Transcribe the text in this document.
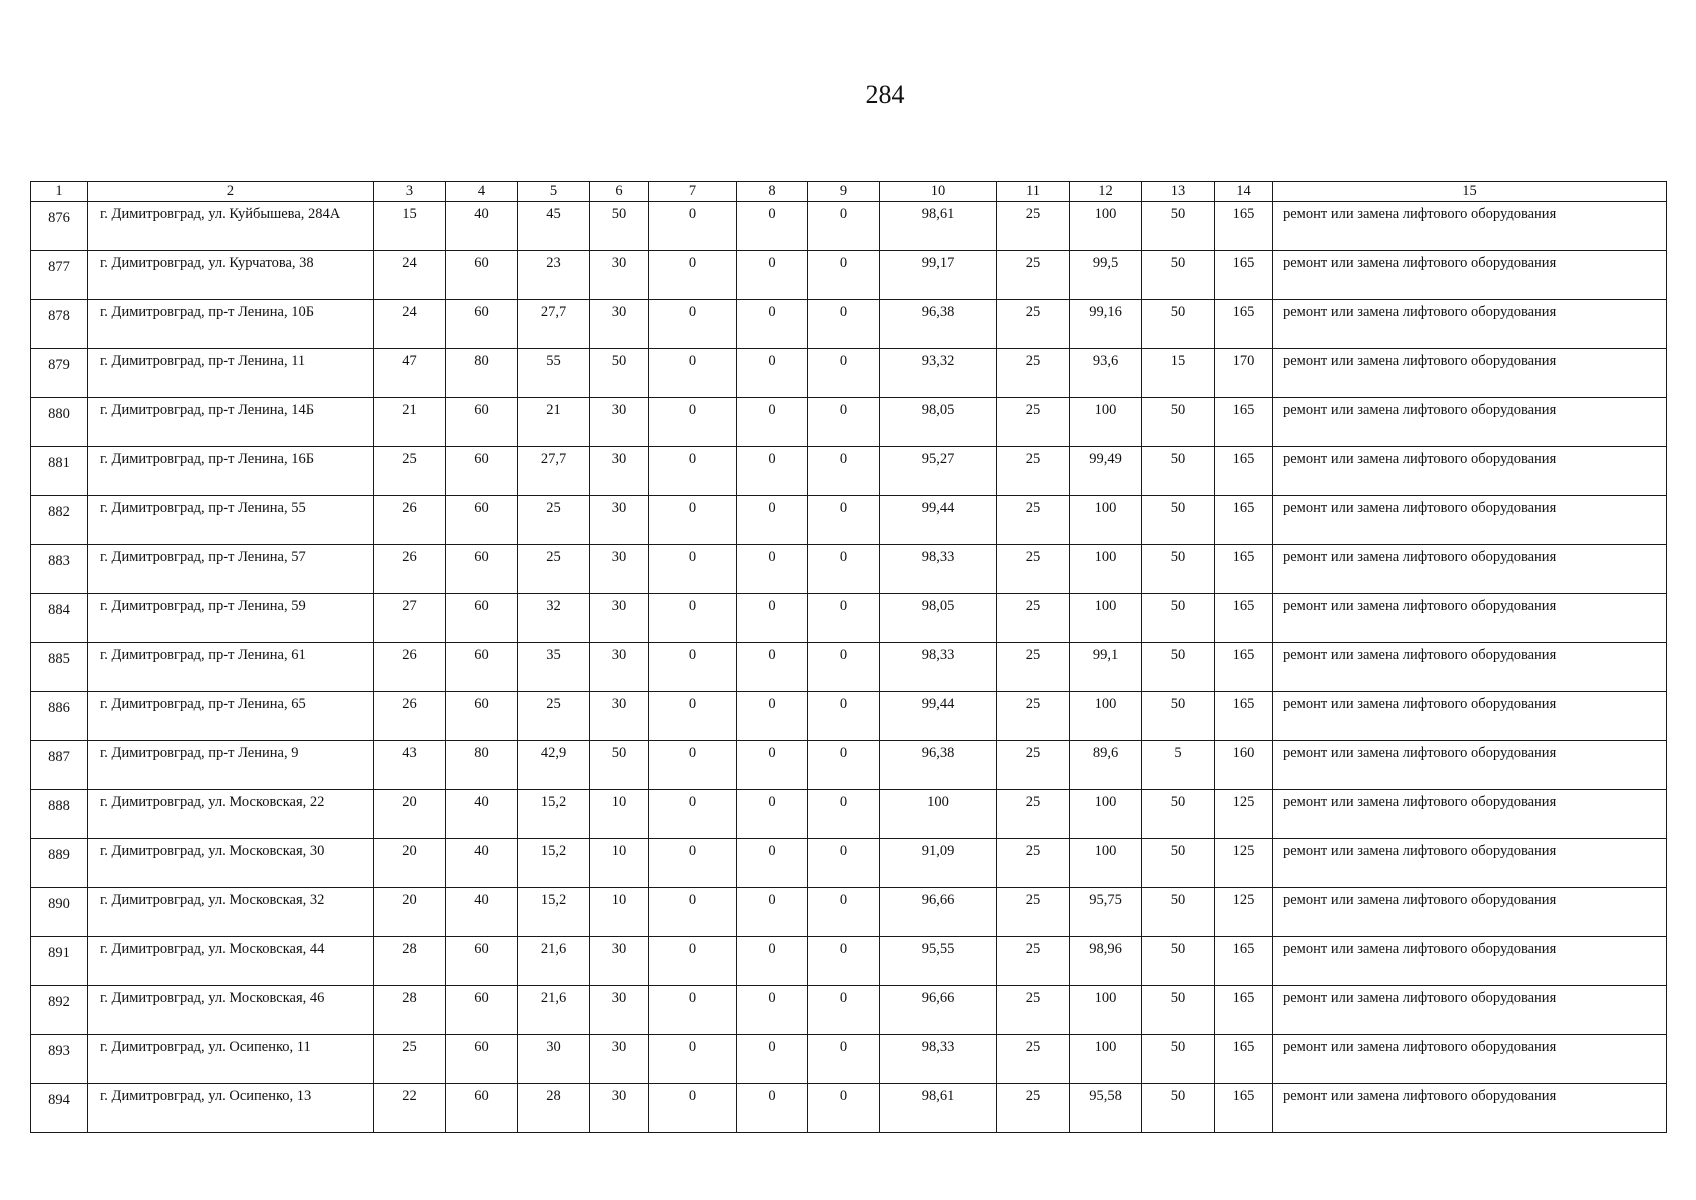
284
1	2	3	4	5	6	7	8	9	10	11	12	13	14	15
876	г. Димитровград, ул. Куйбышева, 284А	15	40	45	50	0	0	0	98,61	25	100	50	165	ремонт или замена лифтового оборудования
877	г. Димитровград, ул. Курчатова, 38	24	60	23	30	0	0	0	99,17	25	99,5	50	165	ремонт или замена лифтового оборудования
878	г. Димитровград, пр-т Ленина, 10Б	24	60	27,7	30	0	0	0	96,38	25	99,16	50	165	ремонт или замена лифтового оборудования
879	г. Димитровград, пр-т Ленина, 11	47	80	55	50	0	0	0	93,32	25	93,6	15	170	ремонт или замена лифтового оборудования
880	г. Димитровград, пр-т Ленина, 14Б	21	60	21	30	0	0	0	98,05	25	100	50	165	ремонт или замена лифтового оборудования
881	г. Димитровград, пр-т Ленина, 16Б	25	60	27,7	30	0	0	0	95,27	25	99,49	50	165	ремонт или замена лифтового оборудования
882	г. Димитровград, пр-т Ленина, 55	26	60	25	30	0	0	0	99,44	25	100	50	165	ремонт или замена лифтового оборудования
883	г. Димитровград, пр-т Ленина, 57	26	60	25	30	0	0	0	98,33	25	100	50	165	ремонт или замена лифтового оборудования
884	г. Димитровград, пр-т Ленина, 59	27	60	32	30	0	0	0	98,05	25	100	50	165	ремонт или замена лифтового оборудования
885	г. Димитровград, пр-т Ленина, 61	26	60	35	30	0	0	0	98,33	25	99,1	50	165	ремонт или замена лифтового оборудования
886	г. Димитровград, пр-т Ленина, 65	26	60	25	30	0	0	0	99,44	25	100	50	165	ремонт или замена лифтового оборудования
887	г. Димитровград, пр-т Ленина, 9	43	80	42,9	50	0	0	0	96,38	25	89,6	5	160	ремонт или замена лифтового оборудования
888	г. Димитровград, ул. Московская, 22	20	40	15,2	10	0	0	0	100	25	100	50	125	ремонт или замена лифтового оборудования
889	г. Димитровград, ул. Московская, 30	20	40	15,2	10	0	0	0	91,09	25	100	50	125	ремонт или замена лифтового оборудования
890	г. Димитровград, ул. Московская, 32	20	40	15,2	10	0	0	0	96,66	25	95,75	50	125	ремонт или замена лифтового оборудования
891	г. Димитровград, ул. Московская, 44	28	60	21,6	30	0	0	0	95,55	25	98,96	50	165	ремонт или замена лифтового оборудования
892	г. Димитровград, ул. Московская, 46	28	60	21,6	30	0	0	0	96,66	25	100	50	165	ремонт или замена лифтового оборудования
893	г. Димитровград, ул. Осипенко, 11	25	60	30	30	0	0	0	98,33	25	100	50	165	ремонт или замена лифтового оборудования
894	г. Димитровград, ул. Осипенко, 13	22	60	28	30	0	0	0	98,61	25	95,58	50	165	ремонт или замена лифтового оборудования
